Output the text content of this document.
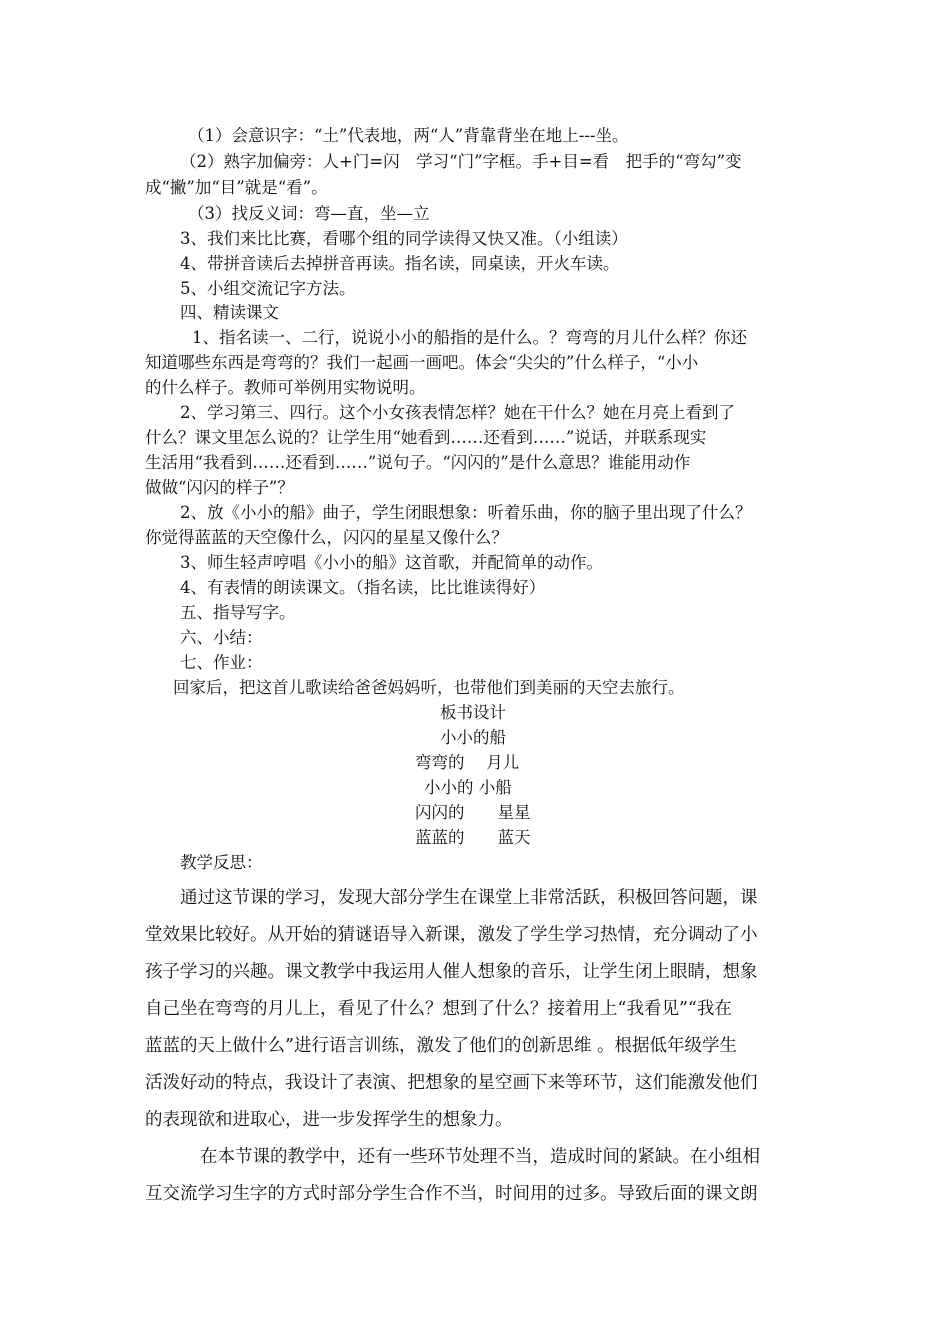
（1）会意识字：“土”代表地，两“人”背靠背坐在地上---坐。
（2）熟字加偏旁：人+门=闪　学习“门”字框。手+目=看　把手的“弯勾”变
成“撇”加“目”就是“看”。
（3）找反义词：弯—直，坐—立
3、我们来比比赛，看哪个组的同学读得又快又准。（小组读）
4、带拼音读后去掉拼音再读。指名读，同桌读，开火车读。
5、小组交流记字方法。
四、精读课文
1、指名读一、二行，说说小小的船指的是什么。？弯弯的月儿什么样？你还
知道哪些东西是弯弯的？我们一起画一画吧。体会“尖尖的”什么样子，“小小
的什么样子。教师可举例用实物说明。
2、学习第三、四行。这个小女孩表情怎样？她在干什么？她在月亮上看到了
什么？课文里怎么说的？让学生用“她看到……还看到……”说话，并联系现实
生活用“我看到……还看到……”说句子。“闪闪的”是什么意思？谁能用动作
做做“闪闪的样子”？
2、放《小小的船》曲子，学生闭眼想象：听着乐曲，你的脑子里出现了什么？
你觉得蓝蓝的天空像什么，闪闪的星星又像什么？
3、师生轻声哼唱《小小的船》这首歌，并配简单的动作。
4、有表情的朗读课文。（指名读，比比谁读得好）
五、指导写字。
六、小结：
七、作业：
回家后，把这首儿歌读给爸爸妈妈听，也带他们到美丽的天空去旅行。
板书设计
小小的船
弯弯的　 月儿
小小的 小船
闪闪的　　星星
蓝蓝的　　蓝天
教学反思：
通过这节课的学习，发现大部分学生在课堂上非常活跃，积极回答问题，课
堂效果比较好。从开始的猜谜语导入新课，激发了学生学习热情，充分调动了小
孩子学习的兴趣。课文教学中我运用人催人想象的音乐，让学生闭上眼睛，想象
自己坐在弯弯的月儿上，看见了什么？想到了什么？接着用上“我看见”“我在
蓝蓝的天上做什么”进行语言训练，激发了他们的创新思维 。根据低年级学生
活泼好动的特点，我设计了表演、把想象的星空画下来等环节，这们能激发他们
的表现欲和进取心，进一步发挥学生的想象力。
在本节课的教学中，还有一些环节处理不当，造成时间的紧缺。在小组相
互交流学习生字的方式时部分学生合作不当，时间用的过多。导致后面的课文朗
